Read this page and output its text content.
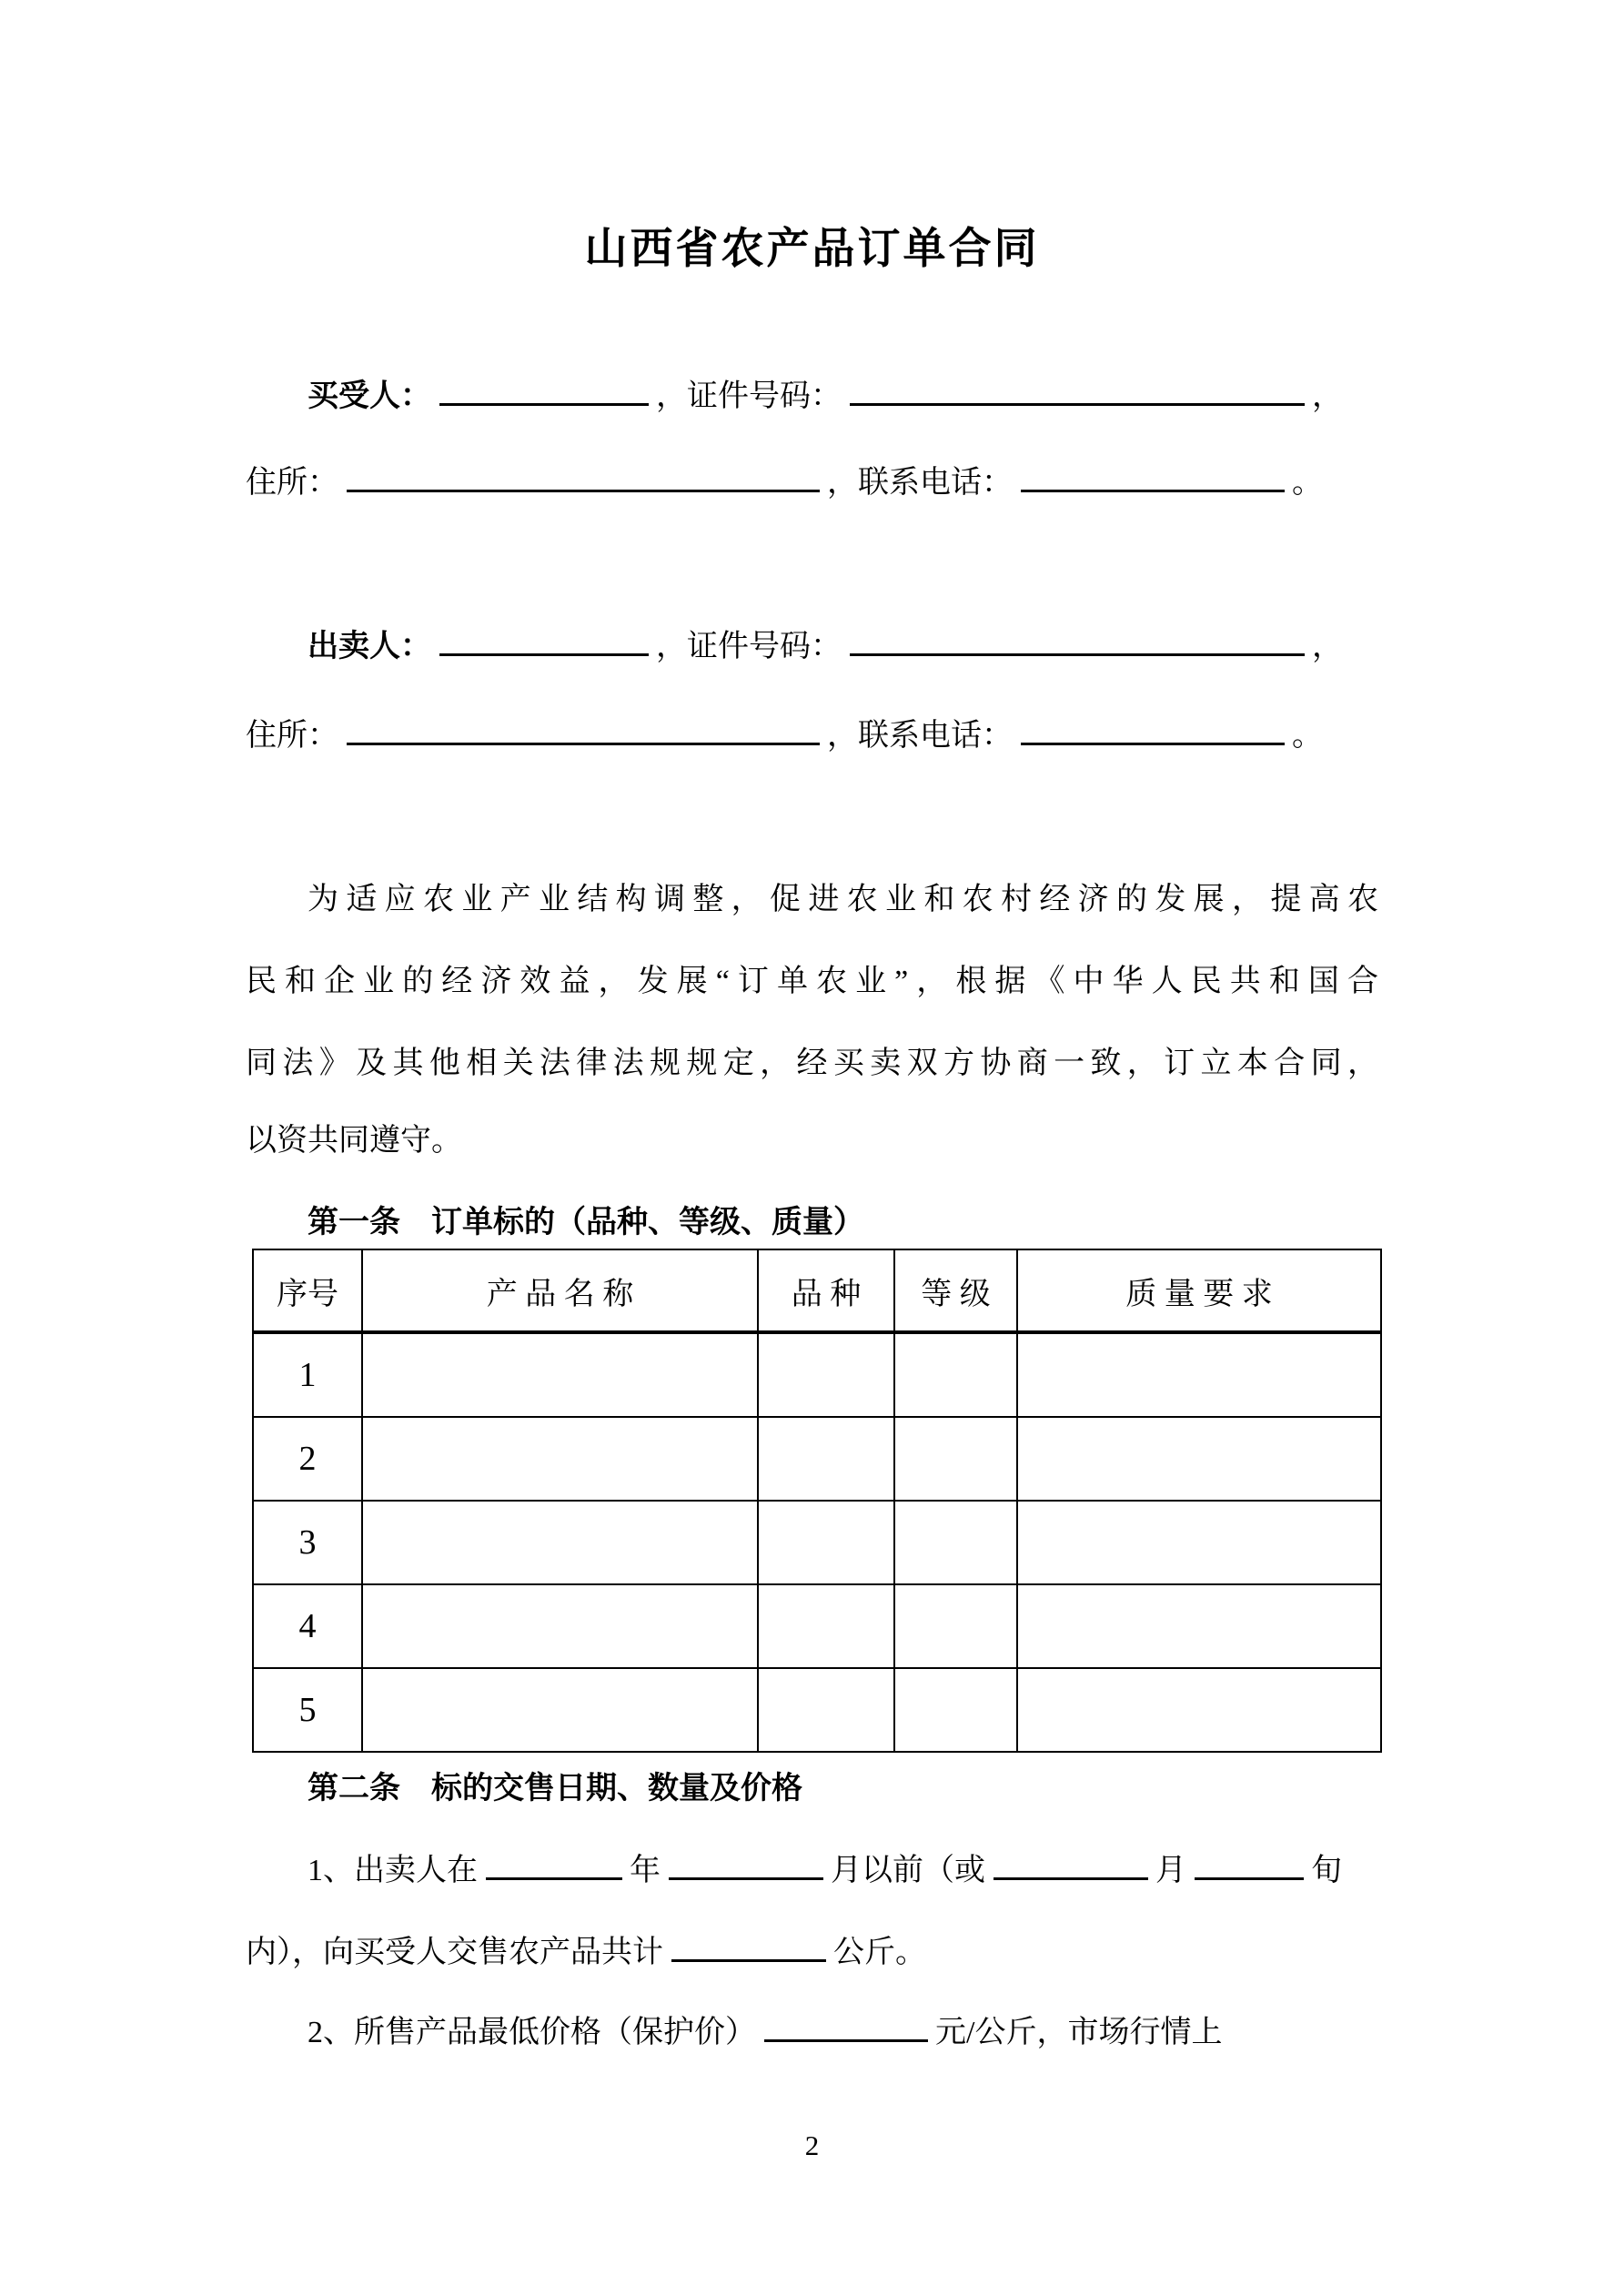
山西省农产品订单合同
买受人：	，证件号码：	，
住所：	，联系电话：	。
出卖人：	，证件号码：	，
住所：	，联系电话：	。
为适应农业产业结构调整，促进农业和农村经济的发展，提高农
民和企业的经济效益，发展“订单农业”，根据《中华人民共和国合
同法》及其他相关法律法规规定，经买卖双方协商一致，订立本合同，
以资共同遵守。
第一条　订单标的（品种、等级、质量）
序号	产 品 名 称	品 种	等 级	质 量 要 求
1				
2				
3				
4				
5				
第二条　标的交售日期、数量及价格
1、出卖人在	年	月以前（或	月	旬
内），向买受人交售农产品共计	公斤。
2、所售产品最低价格（保护价）	元/公斤，市场行情上
2
